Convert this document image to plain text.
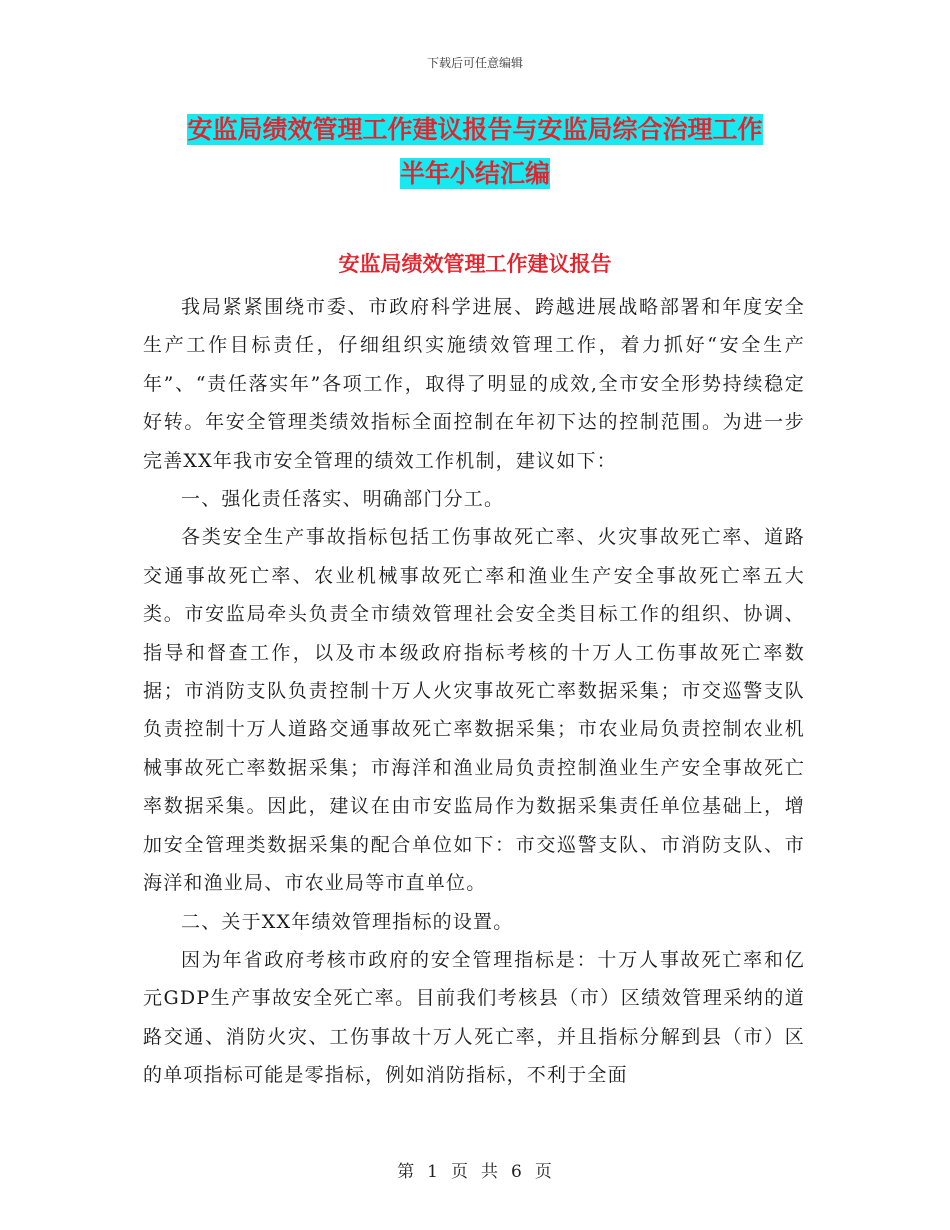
下载后可任意编辑
安监局绩效管理工作建议报告与安监局综合治理工作
半年小结汇编
安监局绩效管理工作建议报告

我局紧紧围绕市委、市政府科学进展、跨越进展战略部署和年度安全生产工作目标责任，仔细组织实施绩效管理工作，着力抓好“安全生产年”、“责任落实年”各项工作，取得了明显的成效,全市安全形势持续稳定好转。年安全管理类绩效指标全面控制在年初下达的控制范围。为进一步完善XX年我市安全管理的绩效工作机制，建议如下：

一、强化责任落实、明确部门分工。

各类安全生产事故指标包括工伤事故死亡率、火灾事故死亡率、道路交通事故死亡率、农业机械事故死亡率和渔业生产安全事故死亡率五大类。市安监局牵头负责全市绩效管理社会安全类目标工作的组织、协调、指导和督查工作，以及市本级政府指标考核的十万人工伤事故死亡率数据；市消防支队负责控制十万人火灾事故死亡率数据采集；市交巡警支队负责控制十万人道路交通事故死亡率数据采集；市农业局负责控制农业机械事故死亡率数据采集；市海洋和渔业局负责控制渔业生产安全事故死亡率数据采集。因此，建议在由市安监局作为数据采集责任单位基础上，增加安全管理类数据采集的配合单位如下：市交巡警支队、市消防支队、市海洋和渔业局、市农业局等市直单位。

二、关于XX年绩效管理指标的设置。

因为年省政府考核市政府的安全管理指标是：十万人事故死亡率和亿元GDP生产事故安全死亡率。目前我们考核县（市）区绩效管理采纳的道路交通、消防火灾、工伤事故十万人死亡率，并且指标分解到县（市）区的单项指标可能是零指标，例如消防指标，不利于全面

第 1 页 共 6 页
